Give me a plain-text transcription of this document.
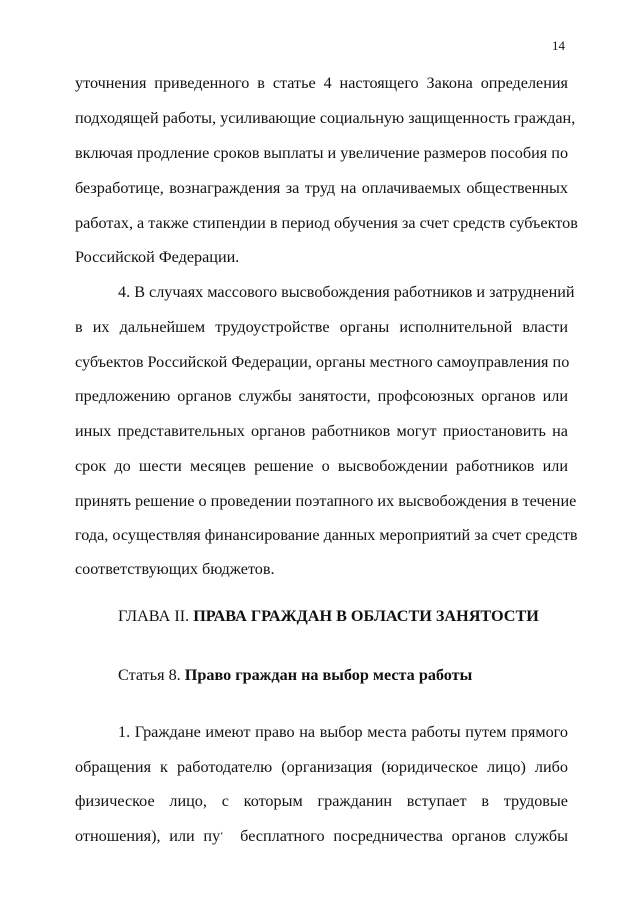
14
уточнения приведенного в статье 4 настоящего Закона определения
подходящей работы, усиливающие социальную защищенность граждан,
включая продление сроков выплаты и увеличение размеров пособия по
безработице, вознаграждения за труд на оплачиваемых общественных
работах, а также стипендии в период обучения за счет средств субъектов
Российской Федерации.
4. В случаях массового высвобождения работников и затруднений
в их дальнейшем трудоустройстве органы исполнительной власти
субъектов Российской Федерации, органы местного самоуправления по
предложению органов службы занятости, профсоюзных органов или
иных представительных органов работников могут приостановить на
срок до шести месяцев решение о высвобождении работников или
принять решение о проведении поэтапного их высвобождения в течение
года, осуществляя финансирование данных мероприятий за счет средств
соответствующих бюджетов.
ГЛАВА II. ПРАВА ГРАЖДАН В ОБЛАСТИ ЗАНЯТОСТИ
Статья 8. Право граждан на выбор места работы
1. Граждане имеют право на выбор места работы путем прямого
обращения к работодателю (организация (юридическое лицо) либо
физическое лицо, с которым гражданин вступает в трудовые
отношения), или пу‘ бесплатного посредничества органов службы
